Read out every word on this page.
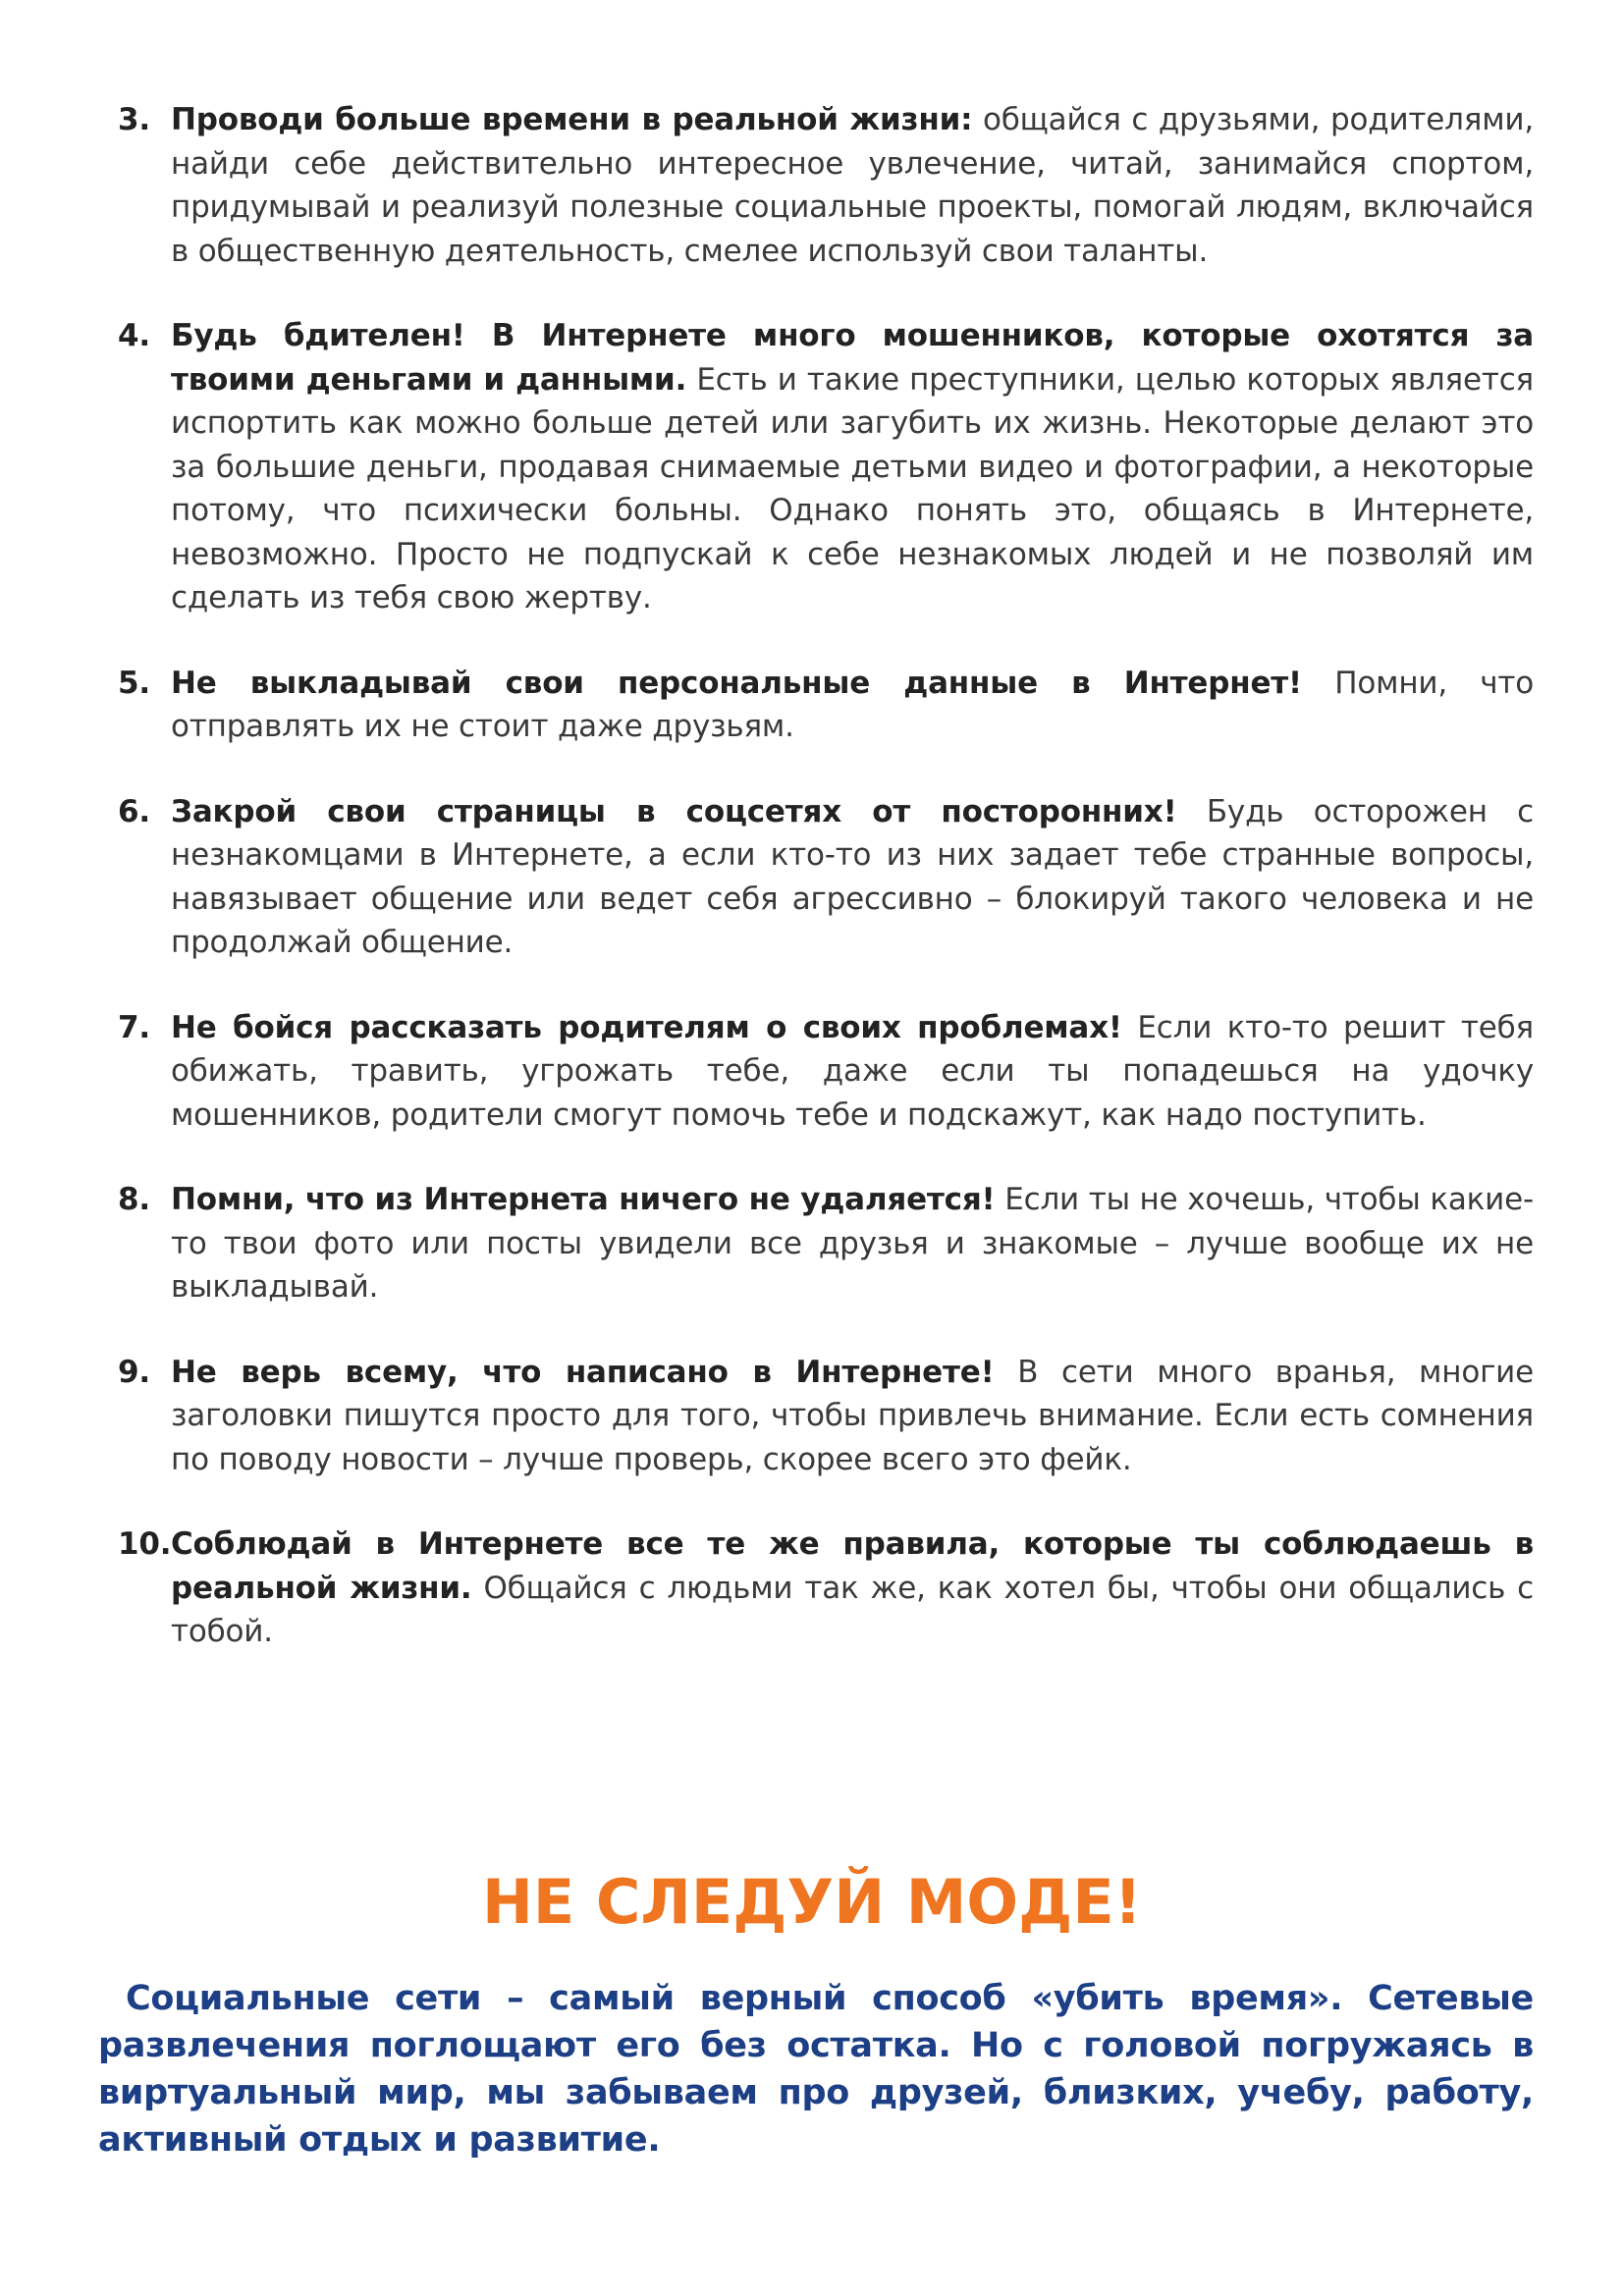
3. Проводи больше времени в реальной жизни: общайся с друзьями, родителями, найди себе действительно интересное увлечение, читай, занимайся спортом, придумывай и реализуй полезные социальные проекты, помогай людям, включайся в общественную деятельность, смелее используй свои таланты.
4. Будь бдителен! В Интернете много мошенников, которые охотятся за твоими деньгами и данными. Есть и такие преступники, целью которых является испортить как можно больше детей или загубить их жизнь. Некоторые делают это за большие деньги, продавая снимаемые детьми видео и фотографии, а некоторые потому, что психически больны. Однако понять это, общаясь в Интернете, невозможно. Просто не подпускай к себе незнакомых людей и не позволяй им сделать из тебя свою жертву.
5. Не выкладывай свои персональные данные в Интернет! Помни, что отправлять их не стоит даже друзьям.
6. Закрой свои страницы в соцсетях от посторонних! Будь осторожен с незнакомцами в Интернете, а если кто-то из них задает тебе странные вопросы, навязывает общение или ведет себя агрессивно – блокируй такого человека и не продолжай общение.
7. Не бойся рассказать родителям о своих проблемах! Если кто-то решит тебя обижать, травить, угрожать тебе, даже если ты попадешься на удочку мошенников, родители смогут помочь тебе и подскажут, как надо поступить.
8. Помни, что из Интернета ничего не удаляется! Если ты не хочешь, чтобы какие-то твои фото или посты увидели все друзья и знакомые – лучше вообще их не выкладывай.
9. Не верь всему, что написано в Интернете! В сети много вранья, многие заголовки пишутся просто для того, чтобы привлечь внимание. Если есть сомнения по поводу новости – лучше проверь, скорее всего это фейк.
10. Соблюдай в Интернете все те же правила, которые ты соблюдаешь в реальной жизни. Общайся с людьми так же, как хотел бы, чтобы они общались с тобой.
НЕ СЛЕДУЙ МОДЕ!

Социальные сети – самый верный способ «убить время». Сетевые развлечения поглощают его без остатка. Но с головой погружаясь в виртуальный мир, мы забываем про друзей, близких, учебу, работу, активный отдых и развитие.
